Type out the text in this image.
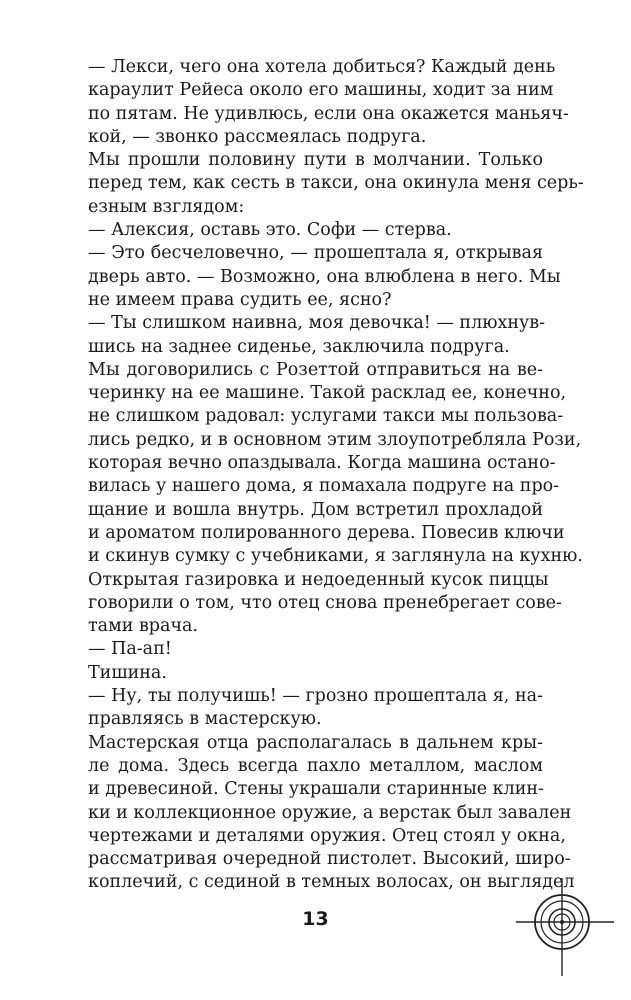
— Лекси, чего она хотела добиться? Каждый день
караулит Рейеса около его машины, ходит за ним
по пятам. Не удивлюсь, если она окажется маньяч-
кой, — звонко рассмеялась подруга.

Мы прошли половину пути в молчании. Только
перед тем, как сесть в такси, она окинула меня серь-
езным взглядом:

— Алексия, оставь это. Софи — стерва.

— Это бесчеловечно, — прошептала я, открывая
дверь авто. — Возможно, она влюблена в него. Мы
не имеем права судить ее, ясно?

— Ты слишком наивна, моя девочка! — плюхнув-
шись на заднее сиденье, заключила подруга.

Мы договорились с Розеттой отправиться на ве-
черинку на ее машине. Такой расклад ее, конечно,
не слишком радовал: услугами такси мы пользова-
лись редко, и в основном этим злоупотребляла Рози,
которая вечно опаздывала. Когда машина остано-
вилась у нашего дома, я помахала подруге на про-
щание и вошла внутрь. Дом встретил прохладой
и ароматом полированного дерева. Повесив ключи
и скинув сумку с учебниками, я заглянула на кухню.
Открытая газировка и недоеденный кусок пиццы
говорили о том, что отец снова пренебрегает сове-
тами врача.

— Па-ап!

Тишина.

— Ну, ты получишь! — грозно прошептала я, на-
правляясь в мастерскую.

Мастерская отца располагалась в дальнем кры-
ле дома. Здесь всегда пахло металлом, маслом
и древесиной. Стены украшали старинные клин-
ки и коллекционное оружие, а верстак был завален
чертежами и деталями оружия. Отец стоял у окна,
рассматривая очередной пистолет. Высокий, широ-
коплечий, с сединой в темных волосах, он выглядел

13
